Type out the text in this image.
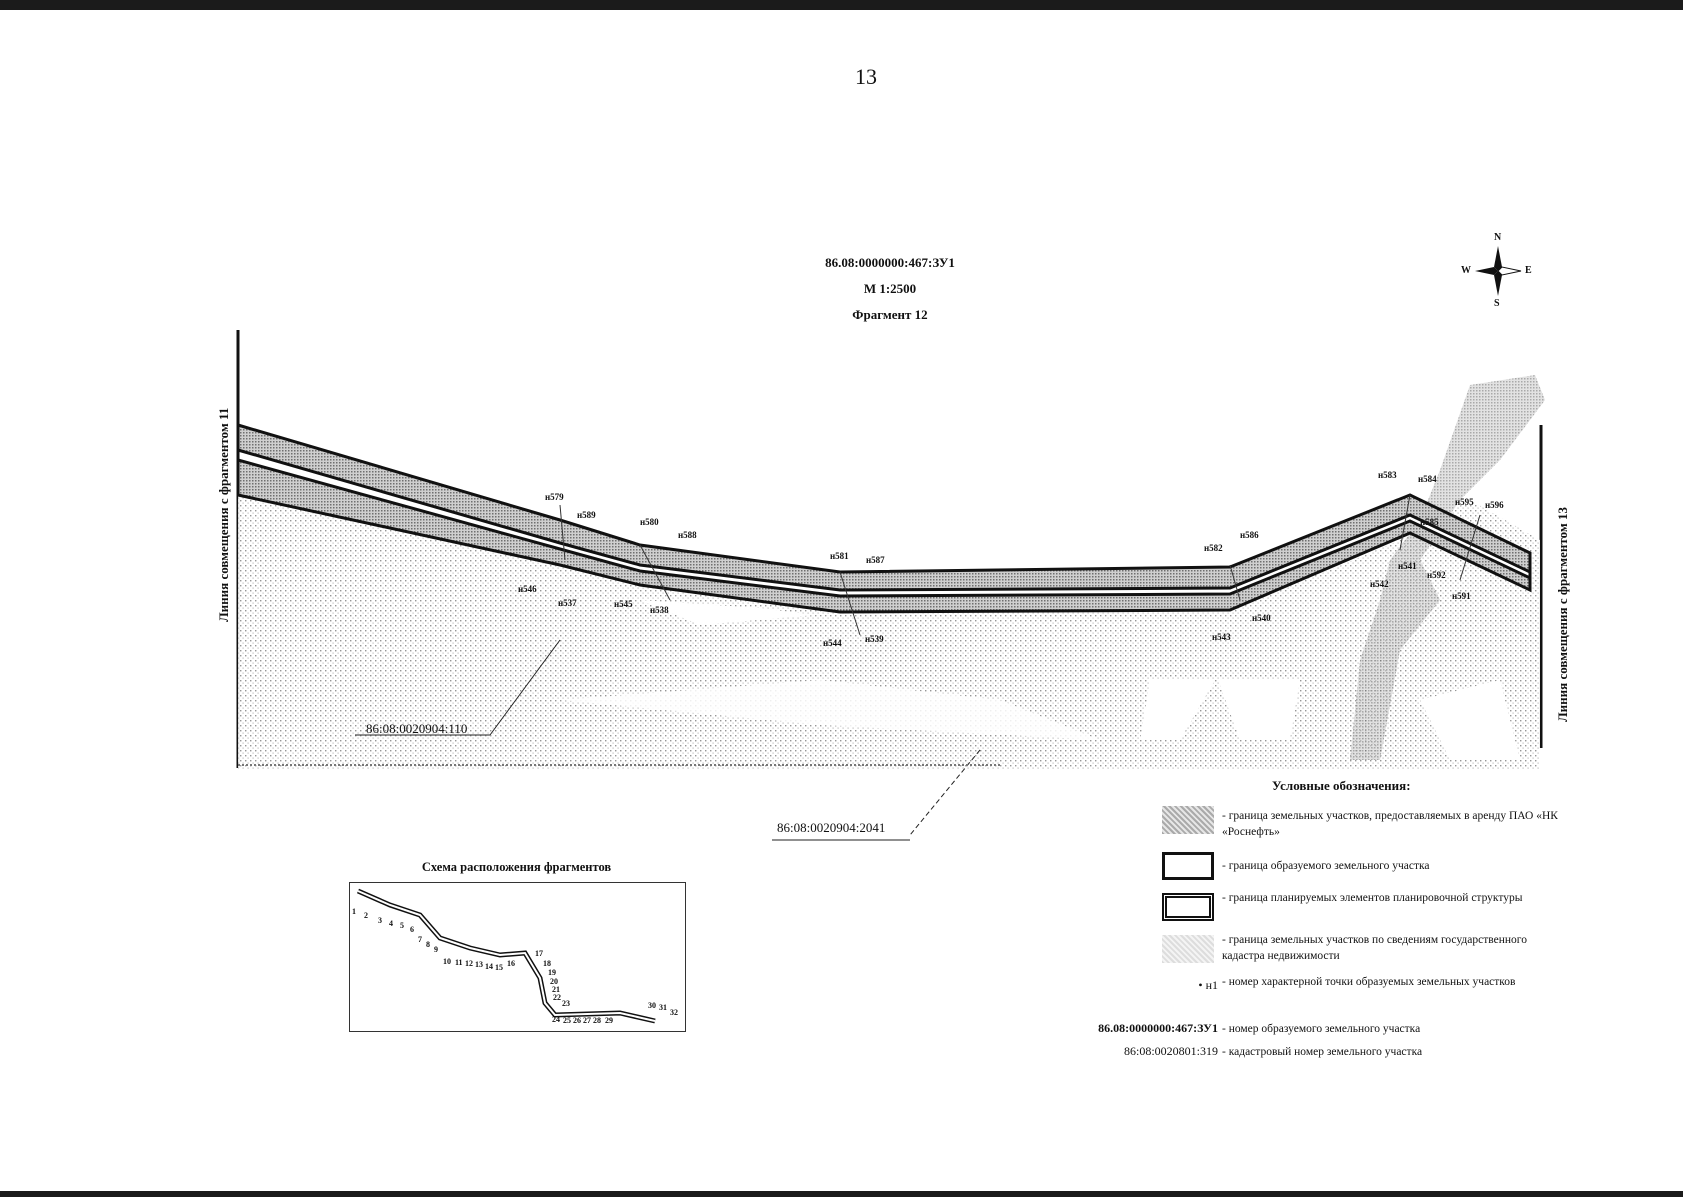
13
86.08:0000000:467:ЗУ1
М 1:2500
Фрагмент 12
N
S
W	E
Линия совмещения с фрагментом 11	Линия совмещения с фрагментом 13
н579
н589
н580
н588
н546
н537	н545
н538
н581 н587
н544	н539
н582
н586
н540
н543
н583 н584
н585
н595 н596
н541
н542
н592
н591
86:08:0020904:110
86:08:0020904:2041
Условные обозначения:
- граница земельных участков, предоставляемых в аренду ПАО «НК «Роснефть»
- граница образуемого земельного участка
- граница планируемых элементов планировочной структуры
- граница земельных участков по сведениям государственного кадастра недвижимости
• н1 - номер характерной точки образуемых земельных участков
86.08:0000000:467:ЗУ1 - номер образуемого земельного участка
86:08:0020801:319 - кадастровый номер земельного участка
Схема расположения фрагментов
1 2
3 4 5 6
7
8
9
10 11 12 13 14 15 16
17
18
19
20
21
22
23
24 25 26 27 28 29
30 31
32
